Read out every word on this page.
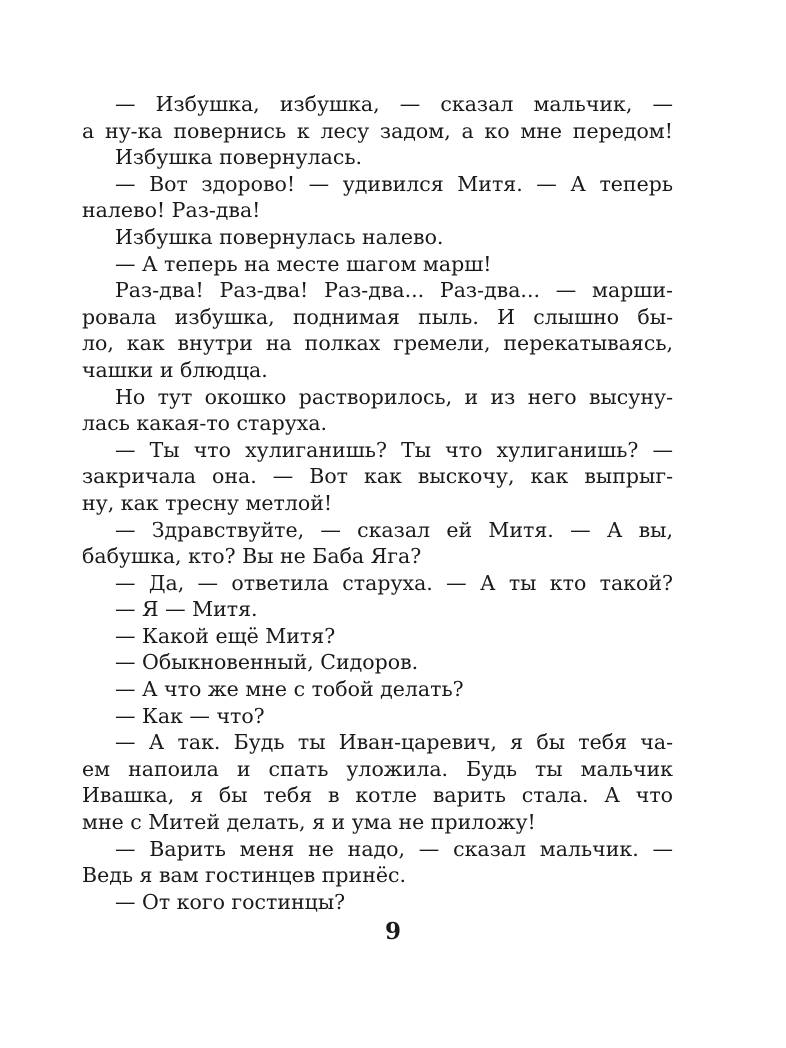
— Избушка, избушка, — сказал мальчик, —
а ну-ка повернись к лесу задом, а ко мне передом!
Избушка повернулась.
— Вот здорово! — удивился Митя. — А теперь
налево! Раз-два!
Избушка повернулась налево.
— А теперь на месте шагом марш!
Раз-два! Раз-два! Раз-два... Раз-два... — марши-
ровала избушка, поднимая пыль. И слышно бы-
ло, как внутри на полках гремели, перекатываясь,
чашки и блюдца.
Но тут окошко растворилось, и из него высуну-
лась какая-то старуха.
— Ты что хулиганишь? Ты что хулиганишь? —
закричала она. — Вот как выскочу, как выпрыг-
ну, как тресну метлой!
— Здравствуйте, — сказал ей Митя. — А вы,
бабушка, кто? Вы не Баба Яга?
— Да, — ответила старуха. — А ты кто такой?
— Я — Митя.
— Какой ещё Митя?
— Обыкновенный, Сидоров.
— А что же мне с тобой делать?
— Как — что?
— А так. Будь ты Иван-царевич, я бы тебя ча-
ем напоила и спать уложила. Будь ты мальчик
Ивашка, я бы тебя в котле варить стала. А что
мне с Митей делать, я и ума не приложу!
— Варить меня не надо, — сказал мальчик. —
Ведь я вам гостинцев принёс.
— От кого гостинцы?
9
